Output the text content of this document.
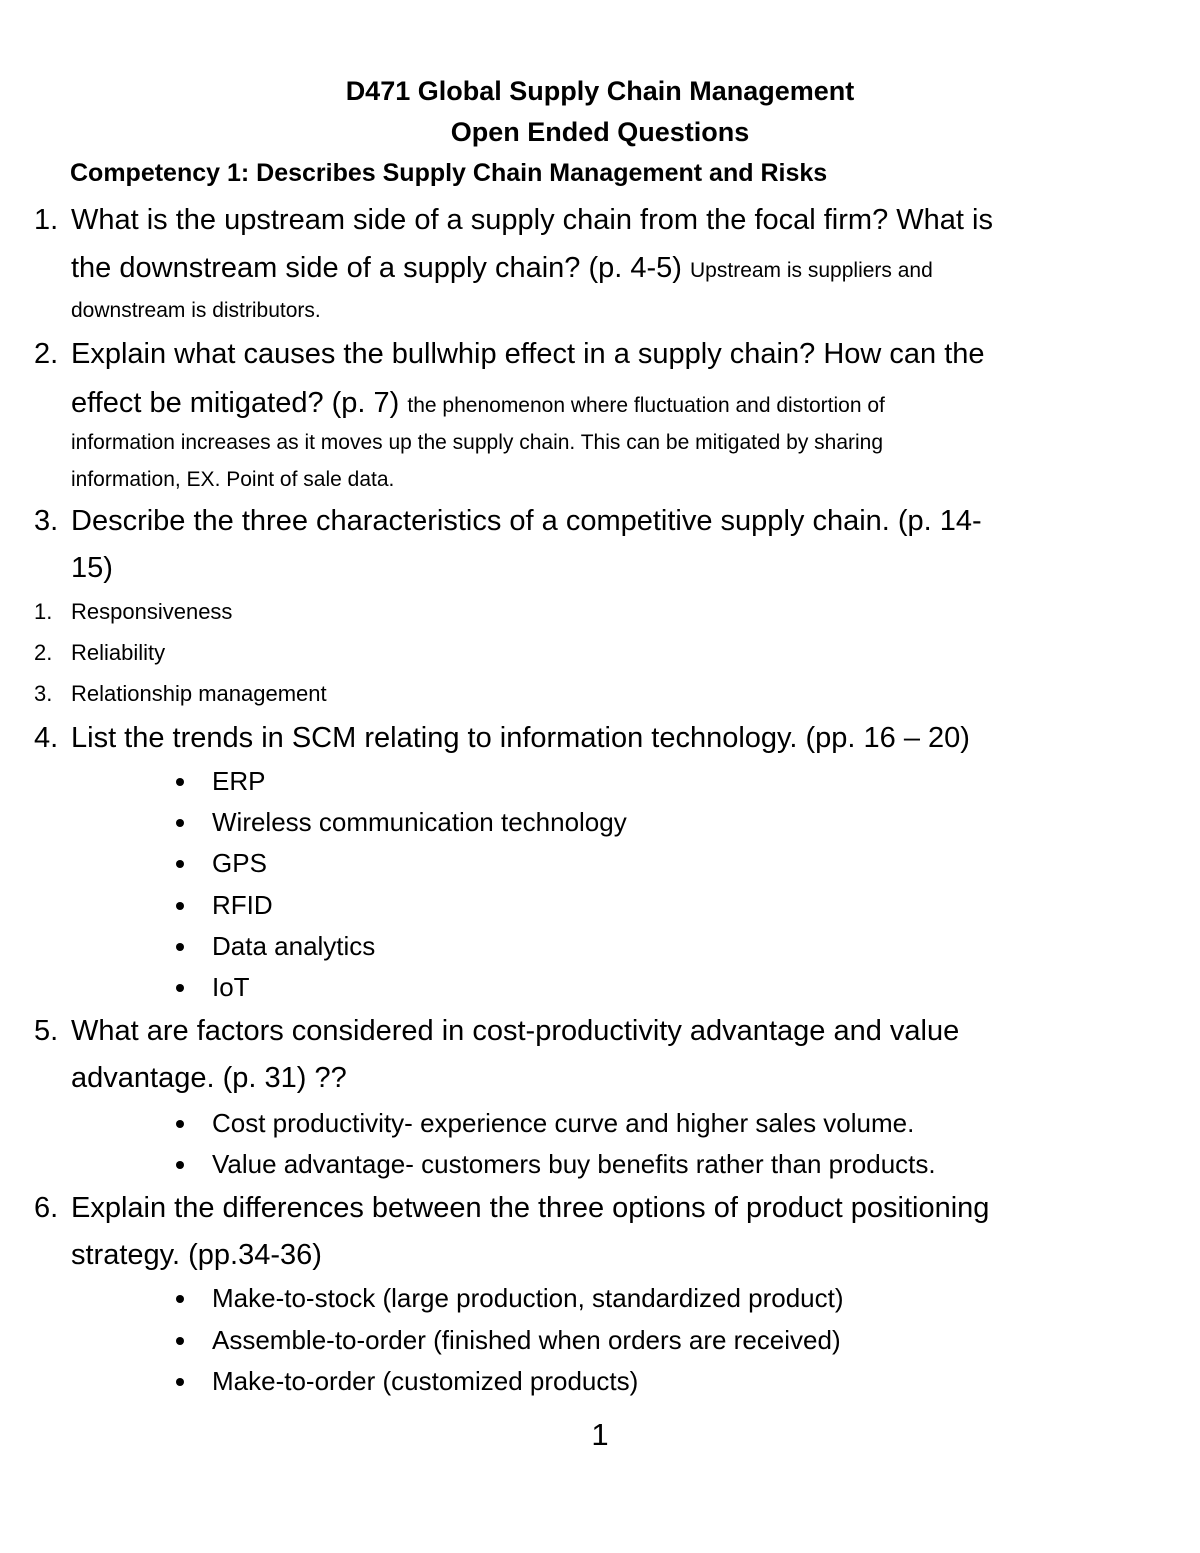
D471 Global Supply Chain Management
Open Ended Questions
Competency 1: Describes Supply Chain Management and Risks
1. What is the upstream side of a supply chain from the focal firm? What is
the downstream side of a supply chain? (p. 4-5) Upstream is suppliers and
downstream is distributors.
2. Explain what causes the bullwhip effect in a supply chain? How can the
effect be mitigated? (p. 7) the phenomenon where fluctuation and distortion of
information increases as it moves up the supply chain. This can be mitigated by sharing
information, EX. Point of sale data.
3. Describe the three characteristics of a competitive supply chain. (p. 14-
15)
1. Responsiveness
2. Reliability
3. Relationship management
4. List the trends in SCM relating to information technology. (pp. 16 – 20)
ERP
Wireless communication technology
GPS
RFID
Data analytics
IoT
5. What are factors considered in cost-productivity advantage and value
advantage. (p. 31) ??
Cost productivity- experience curve and higher sales volume.
Value advantage- customers buy benefits rather than products.
6. Explain the differences between the three options of product positioning
strategy. (pp.34-36)
Make-to-stock (large production, standardized product)
Assemble-to-order (finished when orders are received)
Make-to-order (customized products)
1
